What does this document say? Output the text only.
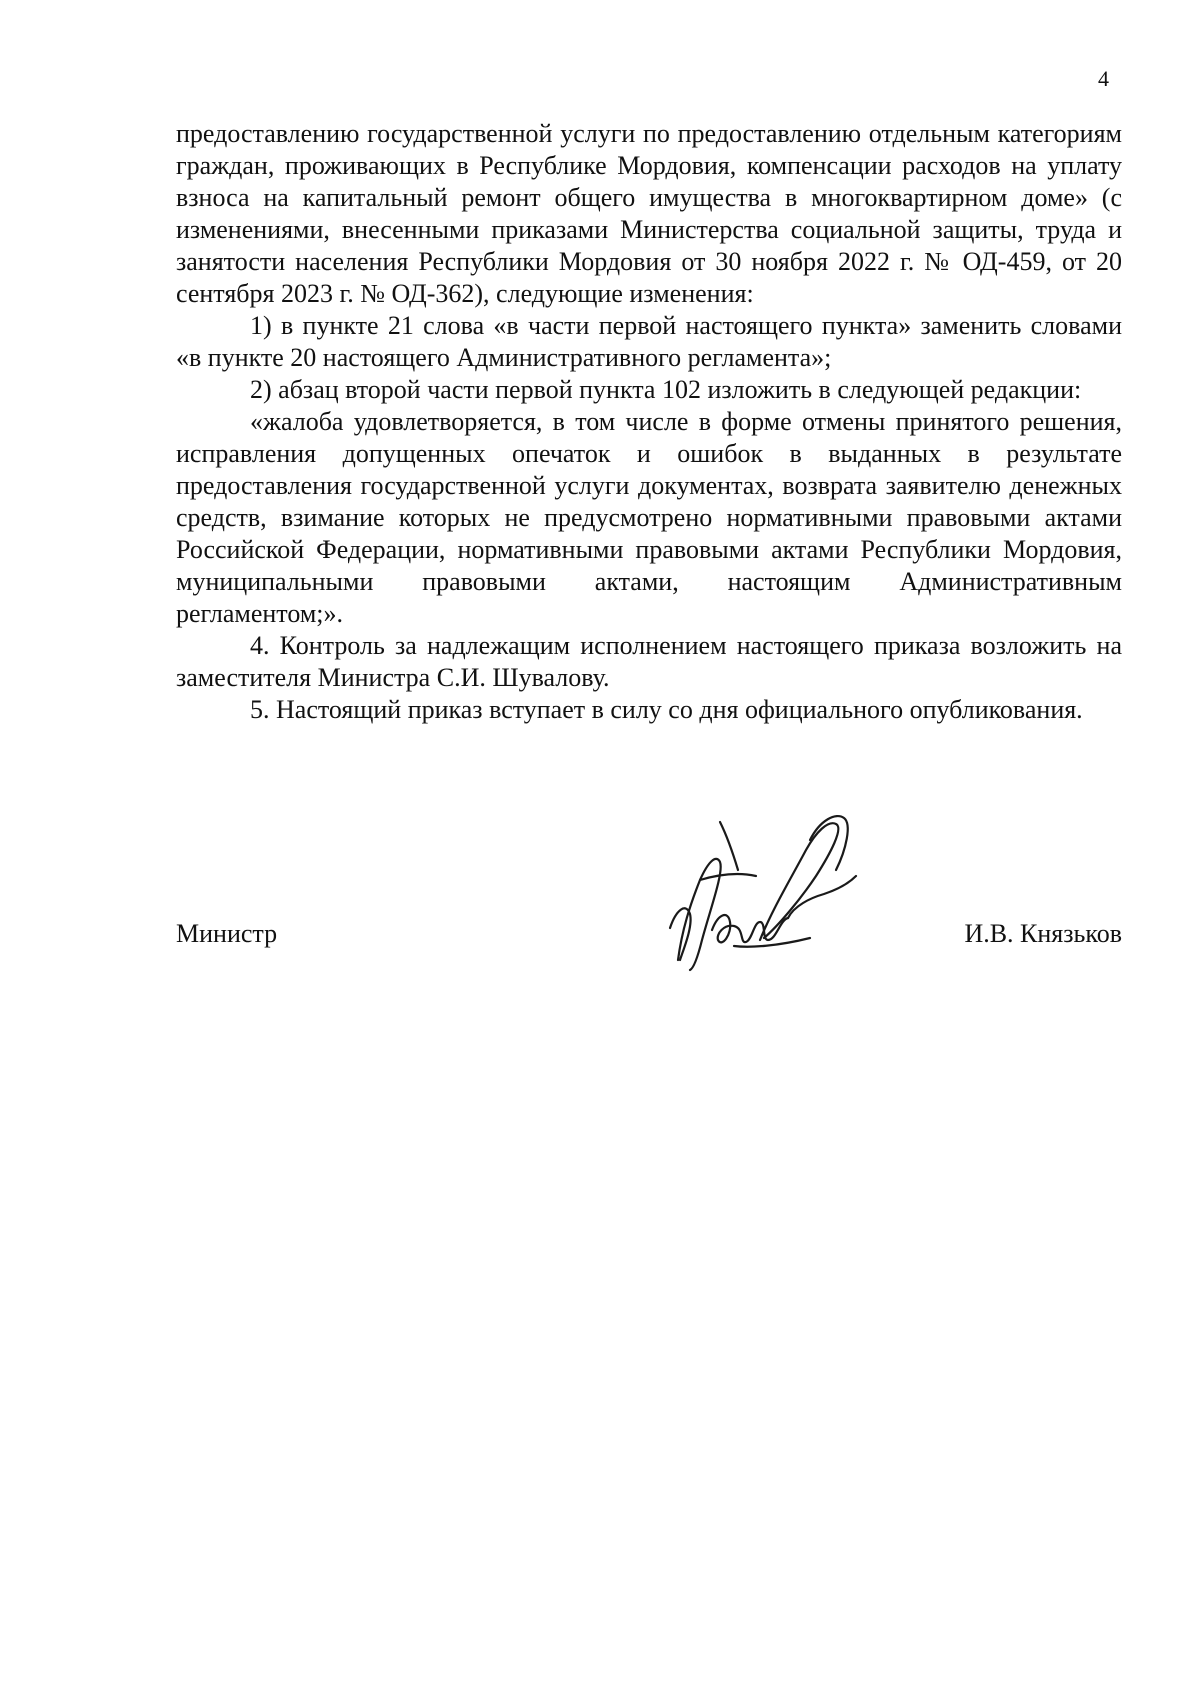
4

предоставлению государственной услуги по предоставлению отдельным категориям граждан, проживающих в Республике Мордовия, компенсации расходов на уплату взноса на капитальный ремонт общего имущества в многоквартирном доме» (с изменениями, внесенными приказами Министерства социальной защиты, труда и занятости населения Республики Мордовия от 30 ноября 2022 г. № ОД-459, от 20 сентября 2023 г. № ОД-362), следующие изменения:

1) в пункте 21 слова «в части первой настоящего пункта» заменить словами «в пункте 20 настоящего Административного регламента»;

2) абзац второй части первой пункта 102 изложить в следующей редакции:

«жалоба удовлетворяется, в том числе в форме отмены принятого решения, исправления допущенных опечаток и ошибок в выданных в результате предоставления государственной услуги документах, возврата заявителю денежных средств, взимание которых не предусмотрено нормативными правовыми актами Российской Федерации, нормативными правовыми актами Республики Мордовия, муниципальными правовыми актами, настоящим Административным регламентом;».

4. Контроль за надлежащим исполнением настоящего приказа возложить на заместителя Министра С.И. Шувалову.

5. Настоящий приказ вступает в силу со дня официального опубликования.

Министр	И.В. Князьков
